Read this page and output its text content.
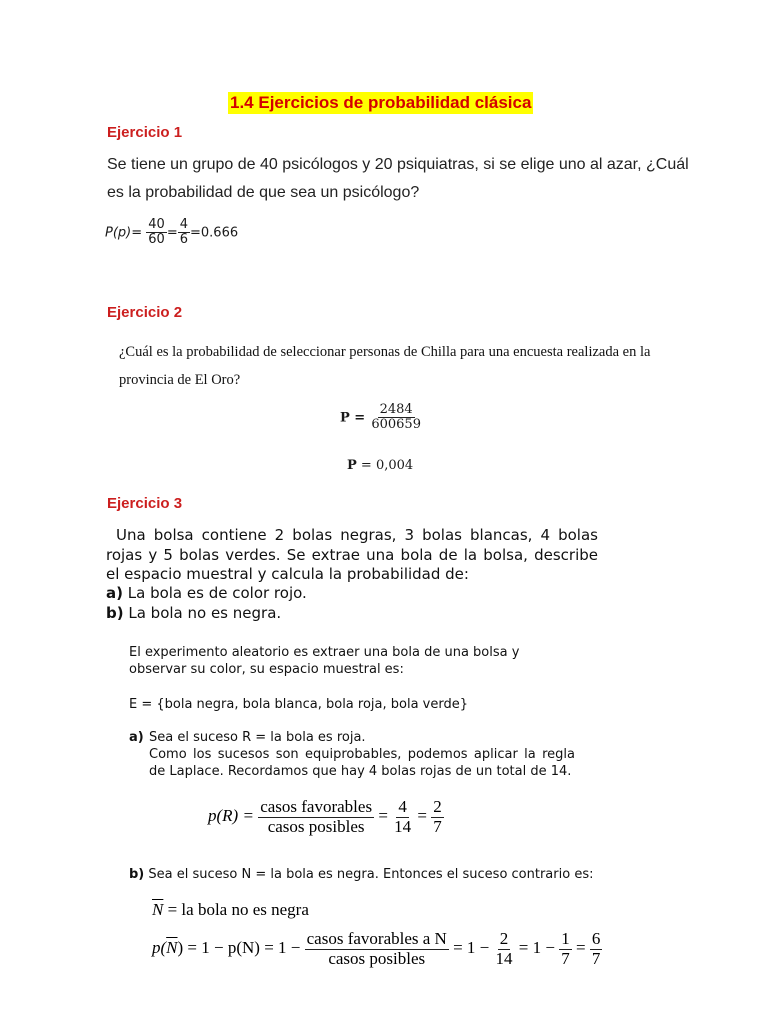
1.4 Ejercicios de probabilidad clásica
Ejercicio 1
Se tiene un grupo de 40 psicólogos y 20 psiquiatras, si se elige uno al azar, ¿Cuál
es la probabilidad de que sea un psicólogo?
$P(p)= \frac{40}{60} = \frac{4}{6} =0.666$
Ejercicio 2
¿Cuál es la probabilidad de seleccionar personas de Chilla para una encuesta realizada en la
provincia de El Oro?
$P = \frac{2484}{600659}$
P = 0,004
Ejercicio 3
Una bolsa contiene 2 bolas negras, 3 bolas blancas, 4 bolas rojas y 5 bolas verdes. Se extrae una bola de la bolsa, describe el espacio muestral y calcula la probabilidad de:
a) La bola es de color rojo.
b) La bola no es negra.
El experimento aleatorio es extraer una bola de una bolsa y observar su color, su espacio muestral es:
E = {bola negra, bola blanca, bola roja, bola verde}
a) Sea el suceso R = la bola es roja.
Como los sucesos son equiprobables, podemos aplicar la regla de Laplace. Recordamos que hay 4 bolas rojas de un total de 14.
$p(R) = \frac{\text{casos favorables}}{\text{casos posibles}} = \frac{4}{14} = \frac{2}{7}$
b) Sea el suceso N = la bola es negra. Entonces el suceso contrario es:
$\overline{N}$ = la bola no es negra
$p(\overline{N}) = 1 - p(N) = 1 - \frac{\text{casos favorables a N}}{\text{casos posibles}} = 1 - \frac{2}{14} = 1 - \frac{1}{7} = \frac{6}{7}$
